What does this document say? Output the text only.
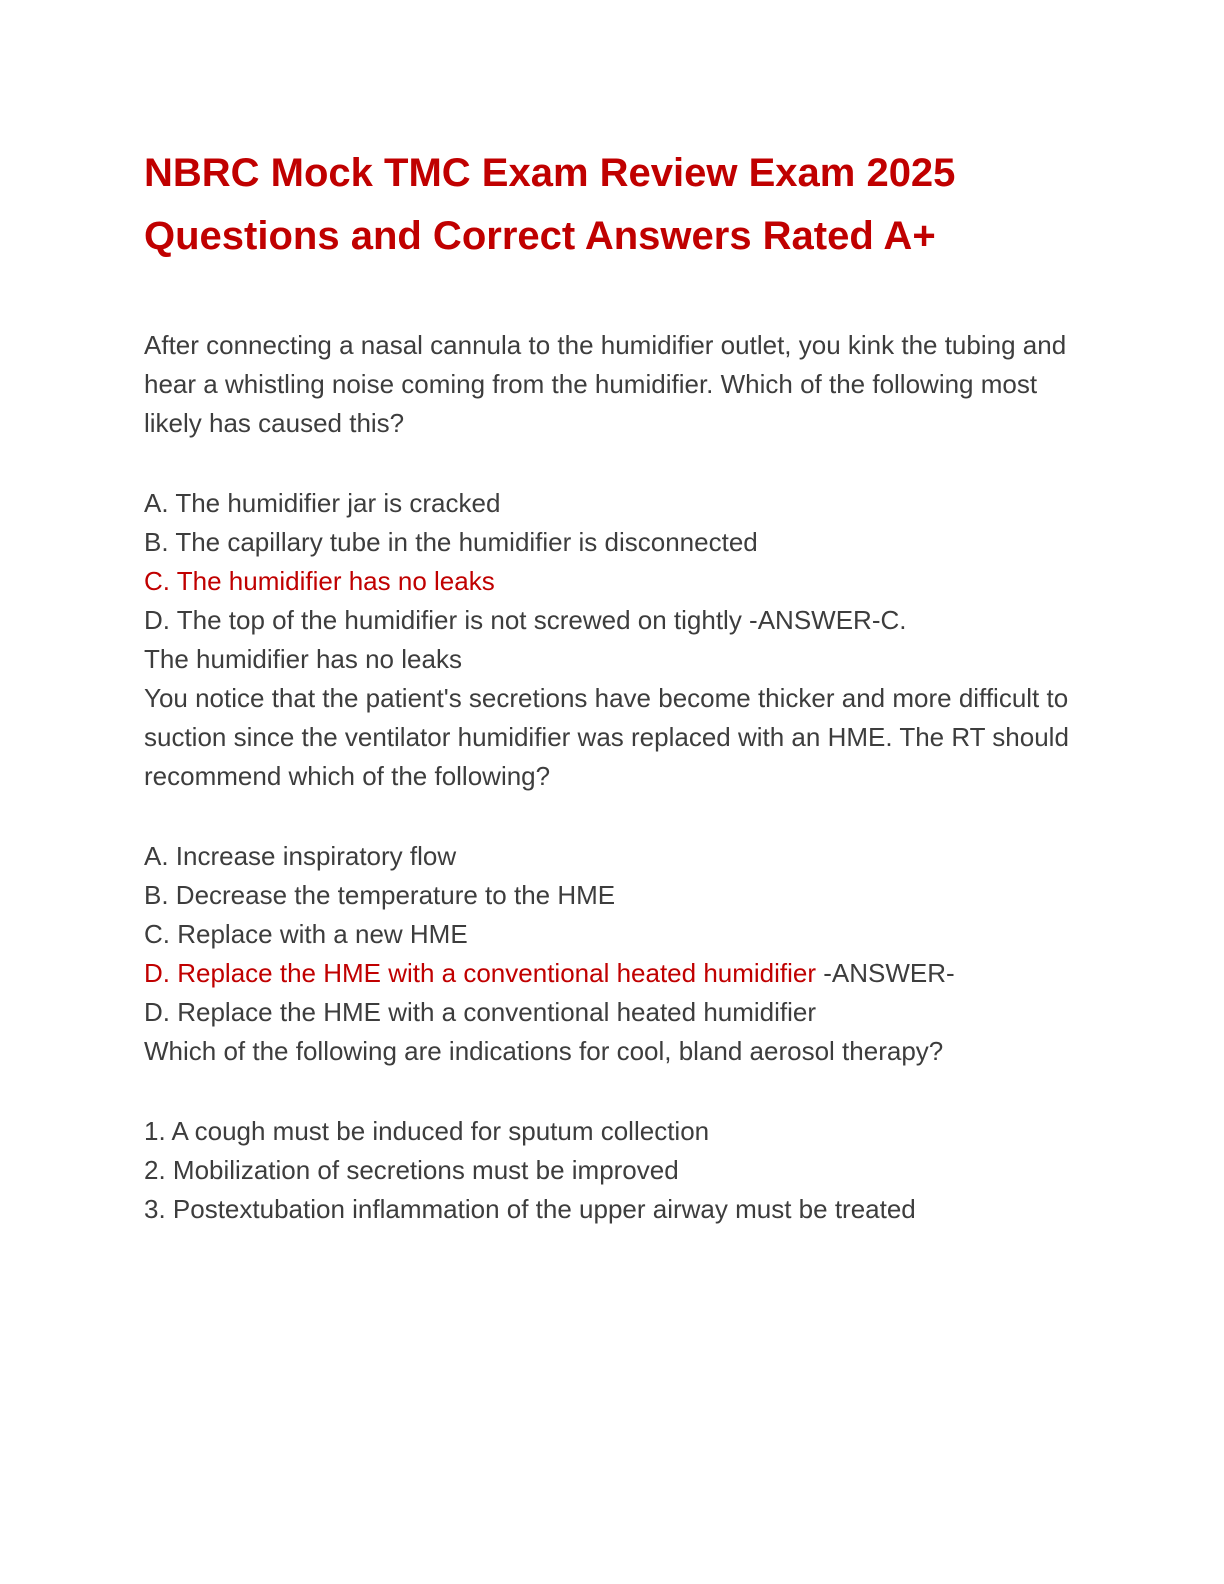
NBRC Mock TMC Exam Review Exam 2025 Questions and Correct Answers Rated A+

After connecting a nasal cannula to the humidifier outlet, you kink the tubing and hear a whistling noise coming from the humidifier. Which of the following most likely has caused this?

A. The humidifier jar is cracked

B. The capillary tube in the humidifier is disconnected

C. The humidifier has no leaks

D. The top of the humidifier is not screwed on tightly -ANSWER-C.

The humidifier has no leaks

You notice that the patient's secretions have become thicker and more difficult to suction since the ventilator humidifier was replaced with an HME. The RT should recommend which of the following?

A. Increase inspiratory flow

B. Decrease the temperature to the HME

C. Replace with a new HME

D. Replace the HME with a conventional heated humidifier -ANSWER-

D. Replace the HME with a conventional heated humidifier

Which of the following are indications for cool, bland aerosol therapy?

1. A cough must be induced for sputum collection

2. Mobilization of secretions must be improved

3. Postextubation inflammation of the upper airway must be treated
